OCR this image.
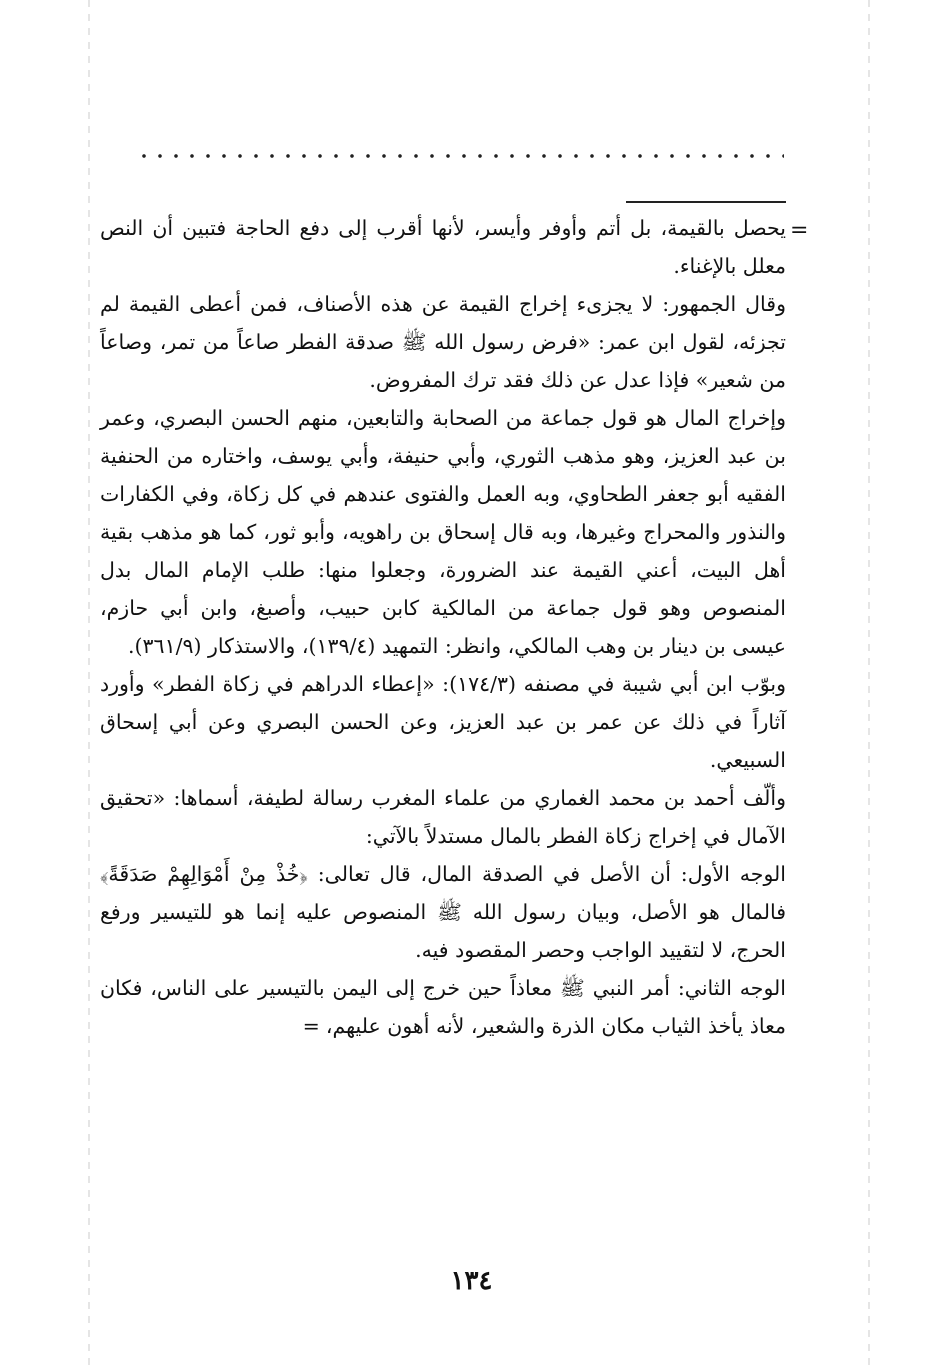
=

يحصل بالقيمة، بل أتم وأوفر وأيسر، لأنها أقرب إلى دفع الحاجة فتبين أن النص معلل بالإغناء.

وقال الجمهور: لا يجزىء إخراج القيمة عن هذه الأصناف، فمن أعطى القيمة لم تجزئه، لقول ابن عمر: «فرض رسول الله ﷺ صدقة الفطر صاعاً من تمر، وصاعاً من شعير» فإذا عدل عن ذلك فقد ترك المفروض.

وإخراج المال هو قول جماعة من الصحابة والتابعين، منهم الحسن البصري، وعمر بن عبد العزيز، وهو مذهب الثوري، وأبي حنيفة، وأبي يوسف، واختاره من الحنفية الفقيه أبو جعفر الطحاوي، وبه العمل والفتوى عندهم في كل زكاة، وفي الكفارات والنذور والمحراج وغيرها، وبه قال إسحاق بن راهويه، وأبو ثور، كما هو مذهب بقية أهل البيت، أعني القيمة عند الضرورة، وجعلوا منها: طلب الإمام المال بدل المنصوص وهو قول جماعة من المالكية كابن حبيب، وأصبغ، وابن أبي حازم، عيسى بن دينار بن وهب المالكي، وانظر: التمهيد (١٣٩/٤)، والاستذكار (٣٦١/٩).

وبوّب ابن أبي شيبة في مصنفه (١٧٤/٣): «إعطاء الدراهم في زكاة الفطر» وأورد آثاراً في ذلك عن عمر بن عبد العزيز، وعن الحسن البصري وعن أبي إسحاق السبيعي.

وألّف أحمد بن محمد الغماري من علماء المغرب رسالة لطيفة، أسماها: «تحقيق الآمال في إخراج زكاة الفطر بالمال مستدلاً بالآتي:

الوجه الأول: أن الأصل في الصدقة المال، قال تعالى: ﴿خُذْ مِنْ أَمْوَالِهِمْ صَدَقَةً﴾ فالمال هو الأصل، وبيان رسول الله ﷺ المنصوص عليه إنما هو للتيسير ورفع الحرج، لا لتقييد الواجب وحصر المقصود فيه.

الوجه الثاني: أمر النبي ﷺ معاذاً حين خرج إلى اليمن بالتيسير على الناس، فكان معاذ يأخذ الثياب مكان الذرة والشعير، لأنه أهون عليهم،=

١٣٤
